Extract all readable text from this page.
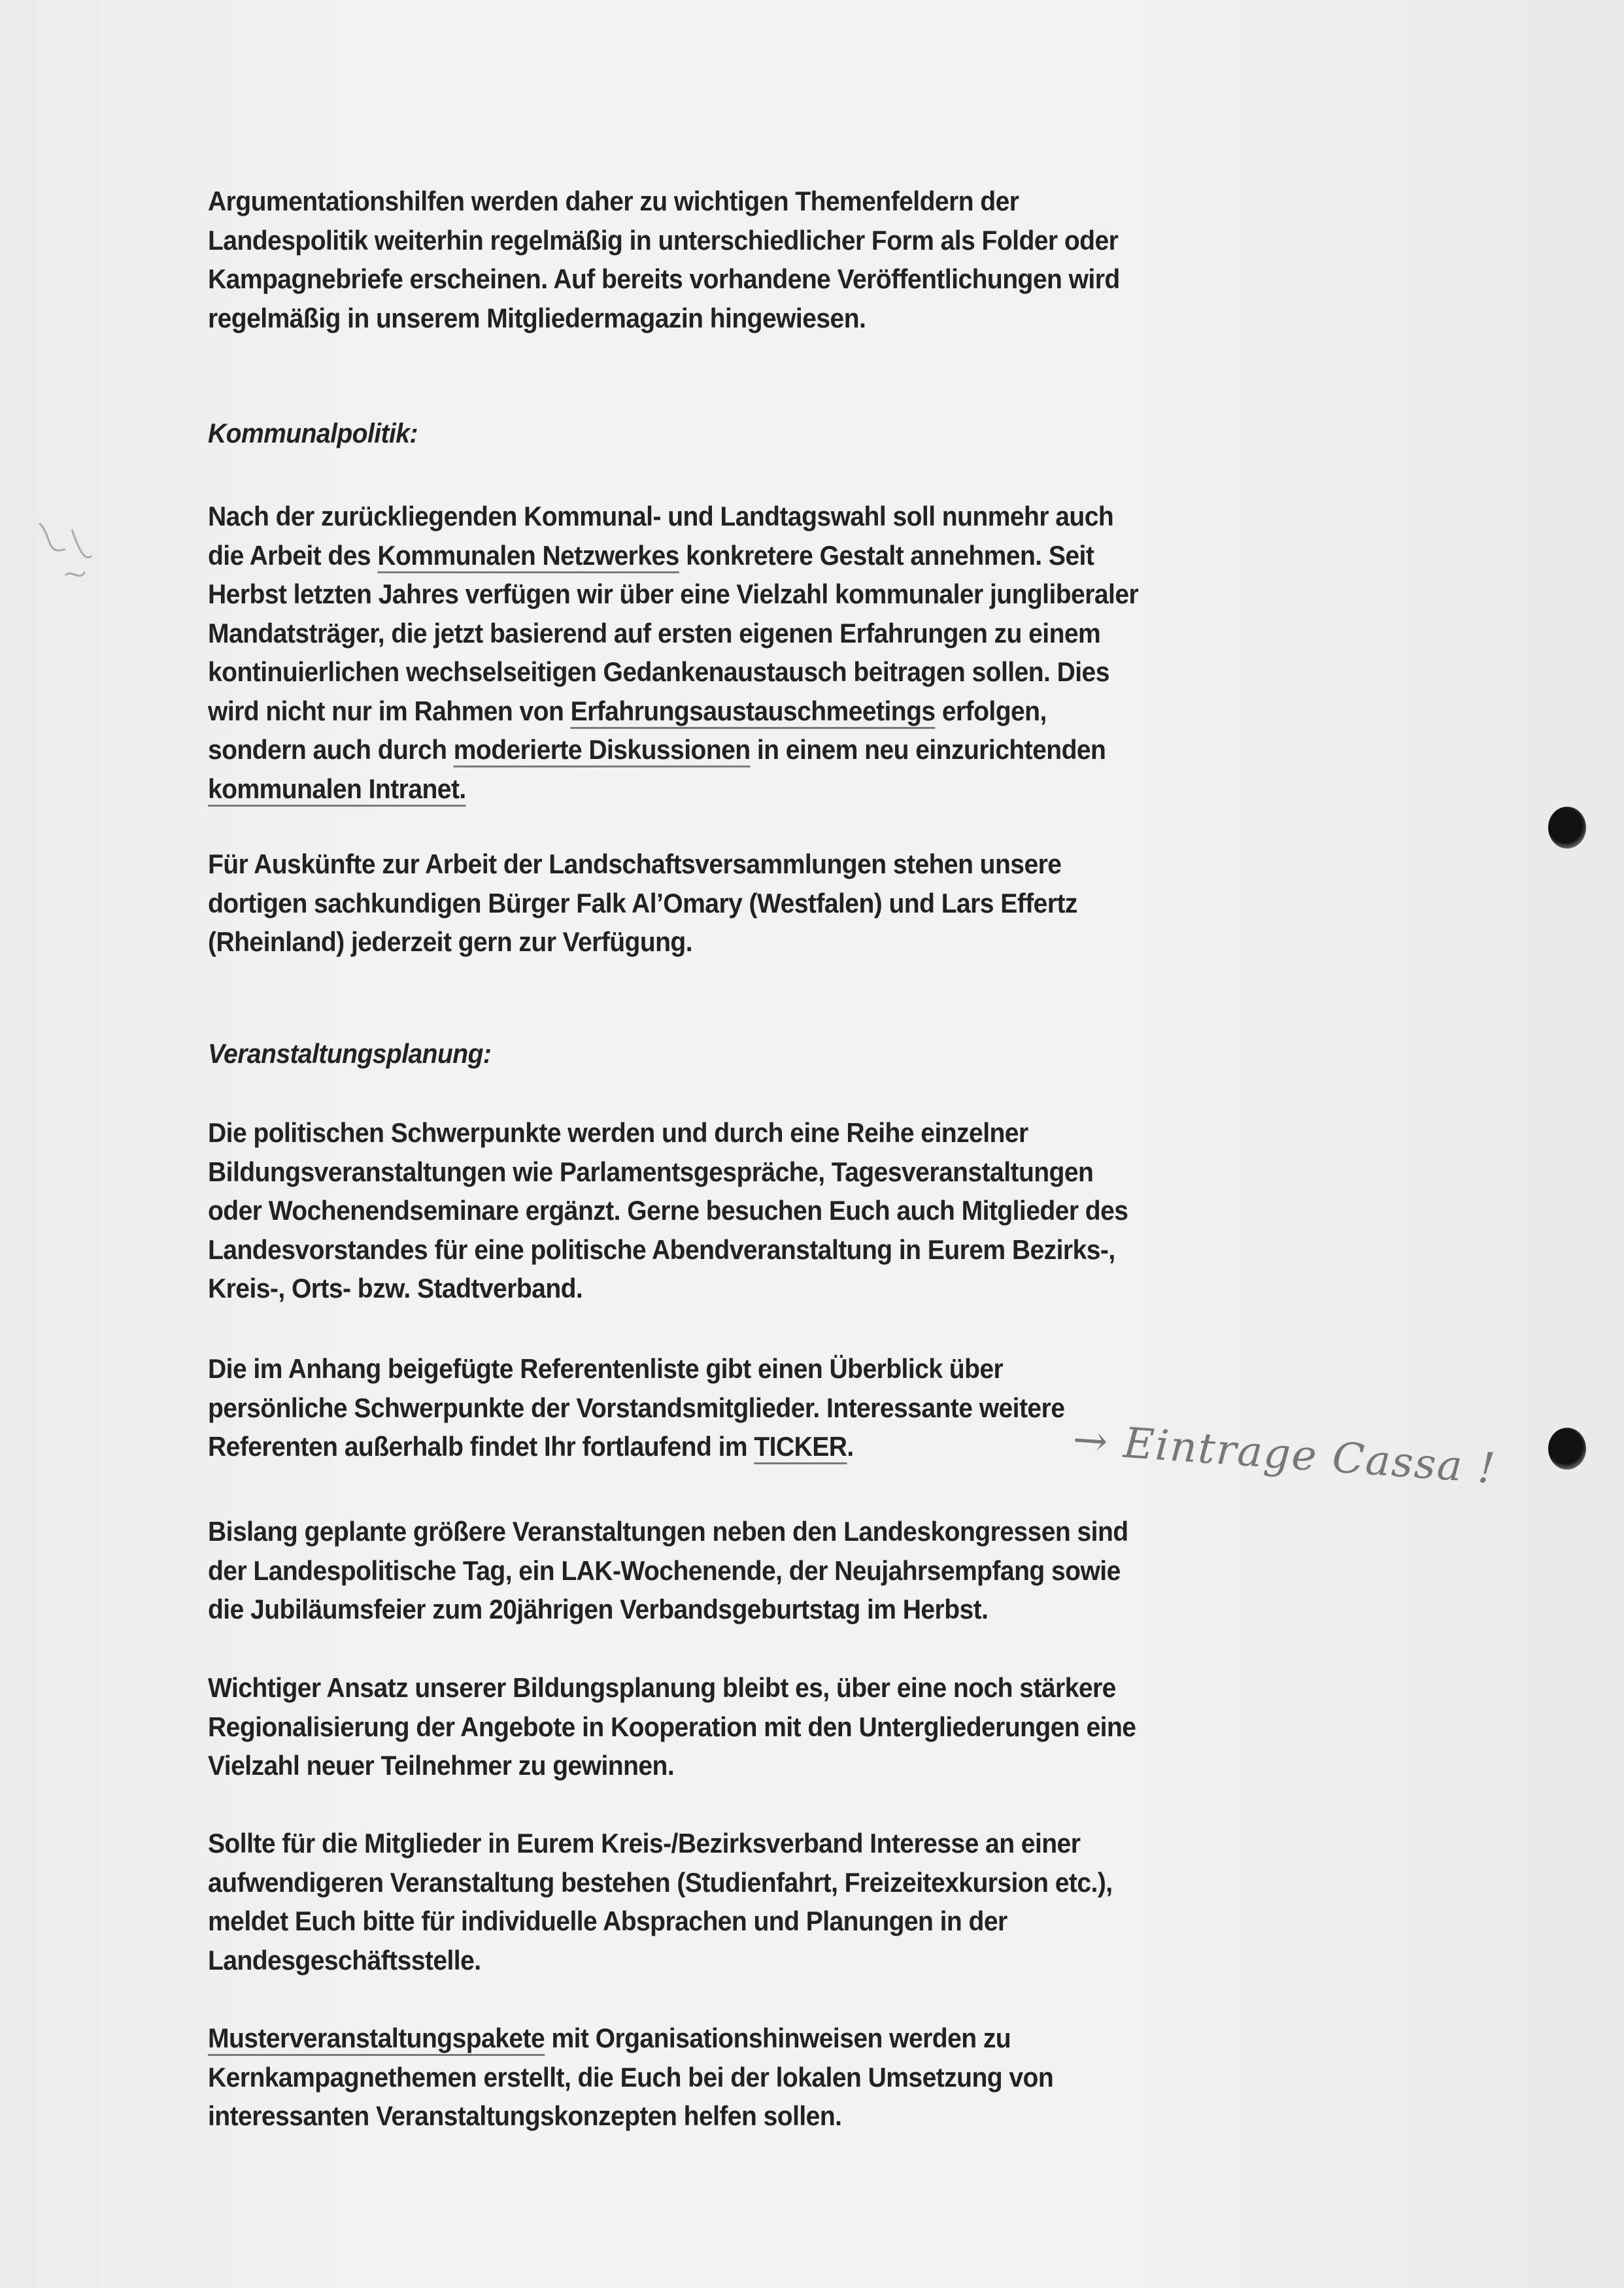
Argumentationshilfen werden daher zu wichtigen Themenfeldern der
Landespolitik weiterhin regelmäßig in unterschiedlicher Form als Folder oder
Kampagnebriefe erscheinen. Auf bereits vorhandene Veröffentlichungen wird
regelmäßig in unserem Mitgliedermagazin hingewiesen.
Kommunalpolitik:
Nach der zurückliegenden Kommunal- und Landtagswahl soll nunmehr auch
die Arbeit des Kommunalen Netzwerkes konkretere Gestalt annehmen. Seit
Herbst letzten Jahres verfügen wir über eine Vielzahl kommunaler jungliberaler
Mandatsträger, die jetzt basierend auf ersten eigenen Erfahrungen zu einem
kontinuierlichen wechselseitigen Gedankenaustausch beitragen sollen. Dies
wird nicht nur im Rahmen von Erfahrungsaustauschmeetings erfolgen,
sondern auch durch moderierte Diskussionen in einem neu einzurichtenden
kommunalen Intranet.
Für Auskünfte zur Arbeit der Landschaftsversammlungen stehen unsere
dortigen sachkundigen Bürger Falk Al’Omary (Westfalen) und Lars Effertz
(Rheinland) jederzeit gern zur Verfügung.
Veranstaltungsplanung:
Die politischen Schwerpunkte werden und durch eine Reihe einzelner
Bildungsveranstaltungen wie Parlamentsgespräche, Tagesveranstaltungen
oder Wochenendseminare ergänzt. Gerne besuchen Euch auch Mitglieder des
Landesvorstandes für eine politische Abendveranstaltung in Eurem Bezirks-,
Kreis-, Orts- bzw. Stadtverband.
Die im Anhang beigefügte Referentenliste gibt einen Überblick über
persönliche Schwerpunkte der Vorstandsmitglieder. Interessante weitere
Referenten außerhalb findet Ihr fortlaufend im TICKER.
Bislang geplante größere Veranstaltungen neben den Landeskongressen sind
der Landespolitische Tag, ein LAK-Wochenende, der Neujahrsempfang sowie
die Jubiläumsfeier zum 20jährigen Verbandsgeburtstag im Herbst.
Wichtiger Ansatz unserer Bildungsplanung bleibt es, über eine noch stärkere
Regionalisierung der Angebote in Kooperation mit den Untergliederungen eine
Vielzahl neuer Teilnehmer zu gewinnen.
Sollte für die Mitglieder in Eurem Kreis-/Bezirksverband Interesse an einer
aufwendigeren Veranstaltung bestehen (Studienfahrt, Freizeitexkursion etc.),
meldet Euch bitte für individuelle Absprachen und Planungen in der
Landesgeschäftsstelle.
Musterveranstaltungspakete mit Organisationshinweisen werden zu
Kernkampagnethemen erstellt, die Euch bei der lokalen Umsetzung von
interessanten Veranstaltungskonzepten helfen sollen.
→ Eintrage Cassa !
